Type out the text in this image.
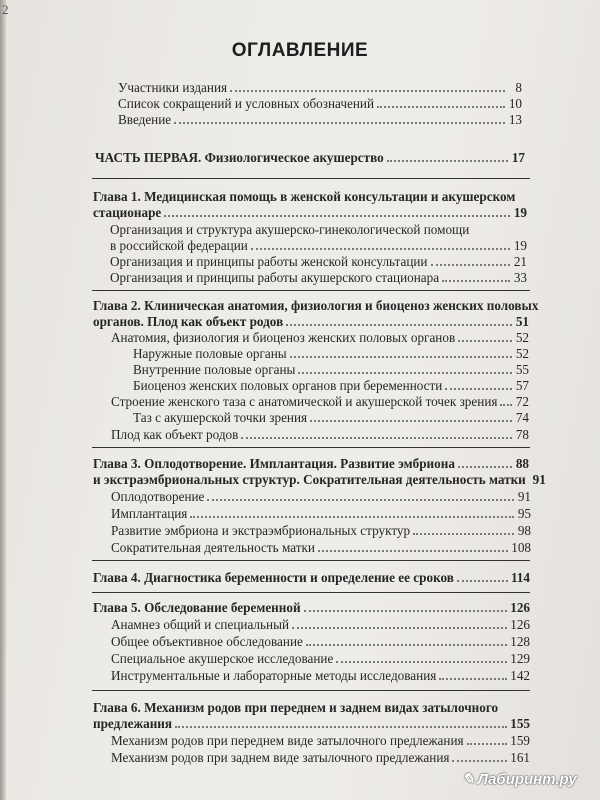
2
ОГЛАВЛЕНИЕ
Участники издания	8
Список сокращений и условных обозначений	10
Введение	13
ЧАСТЬ ПЕРВАЯ. Физиологическое акушерство	17
Глава 1. Медицинская помощь в женской консультации и акушерском
стационаре	19
Организация и структура акушерско-гинекологической помощи
в российской федерации	19
Организация и принципы работы женской консультации	21
Организация и принципы работы акушерского стационара	33
Глава 2. Клиническая анатомия, физиология и биоценоз женских половых
органов. Плод как объект родов	51
Анатомия, физиология и биоценоз женских половых органов	52
Наружные половые органы	52
Внутренние половые органы	55
Биоценоз женских половых органов при беременности	57
Строение женского таза с анатомической и акушерской точек зрения 72
Таз с акушерской точки зрения	74
Плод как объект родов	78
Глава 3. Оплодотворение. Имплантация. Развитие эмбриона	88
и экстраэмбриональных структур. Сократительная деятельность матки 91
Оплодотворение	91
Имплантация	95
Развитие эмбриона и экстраэмбриональных структур	98
Сократительная деятельность матки	108
Глава 4. Диагностика беременности и определение ее сроков	114
Глава 5. Обследование беременной	126
Анамнез общий и специальный	126
Общее объективное обследование	128
Специальное акушерское исследование	129
Инструментальные и лабораторные методы исследования	142
Глава 6. Механизм родов при переднем и заднем видах затылочного
предлежания	155
Механизм родов при переднем виде затылочного предлежания	159
Механизм родов при заднем виде затылочного предлежания	161
✎ Лабиринт.ру
